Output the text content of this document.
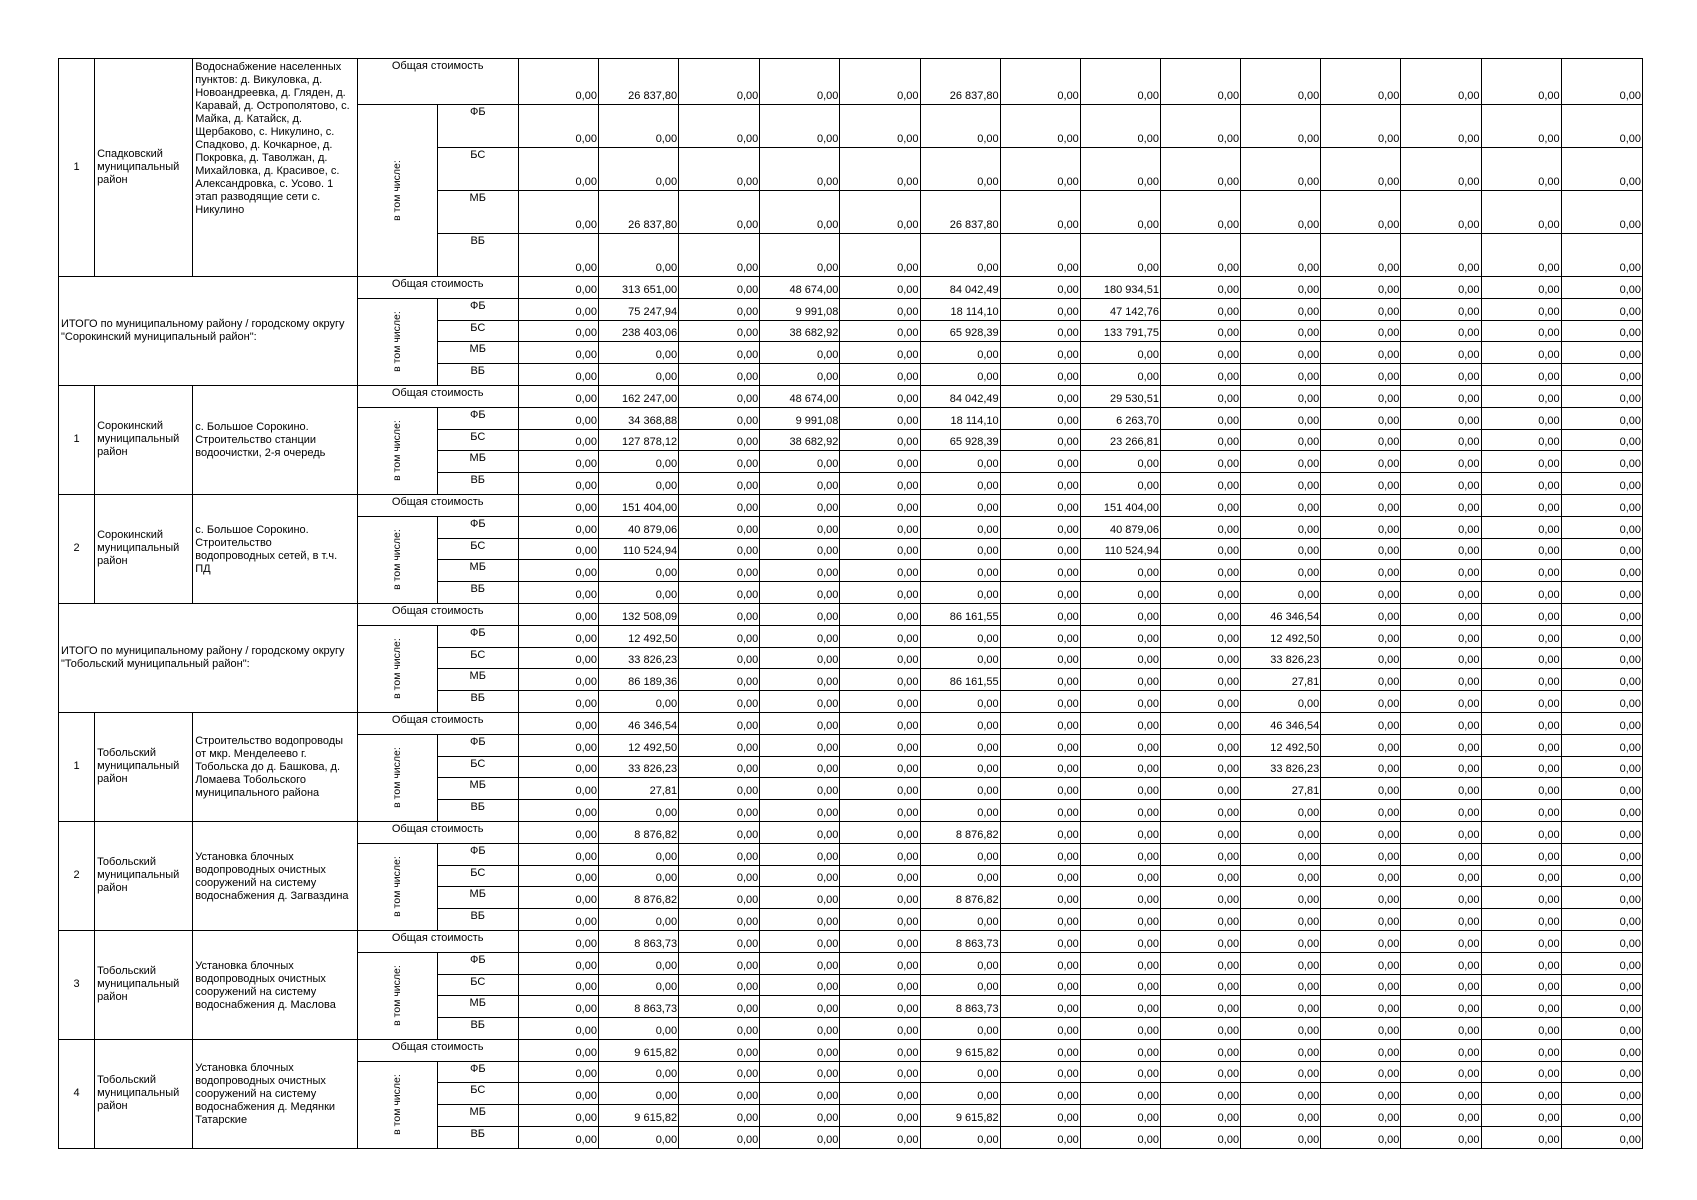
1	Спадковский муниципальный район	Водоснабжение населенных пунктов: д. Викуловка, д. Новоандреевка, д. Гляден, д. Каравай, д. Острополятово, с. Майка, д. Катайск, д. Щербаково, с. Никулино, с. Спадково, д. Кочкарное, д. Покровка, д. Таволжан, д. Михайловка, д. Красивое, с. Александровка, с. Усово. 1 этап разводящие сети с. Никулино	Общая стоимость		0,00	26 837,80	0,00	0,00	0,00	26 837,80	0,00	0,00	0,00	0,00	0,00	0,00	0,00	0,00
			в том числе:	ФБ	0,00	0,00	0,00	0,00	0,00	0,00	0,00	0,00	0,00	0,00	0,00	0,00	0,00	0,00
				БС	0,00	0,00	0,00	0,00	0,00	0,00	0,00	0,00	0,00	0,00	0,00	0,00	0,00	0,00
				МБ	0,00	26 837,80	0,00	0,00	0,00	26 837,80	0,00	0,00	0,00	0,00	0,00	0,00	0,00	0,00
				ВБ	0,00	0,00	0,00	0,00	0,00	0,00	0,00	0,00	0,00	0,00	0,00	0,00	0,00	0,00
ИТОГО по муниципальному району / городскому округу "Сорокинский муниципальный район":			Общая стоимость		0,00	313 651,00	0,00	48 674,00	0,00	84 042,49	0,00	180 934,51	0,00	0,00	0,00	0,00	0,00	0,00
			в том числе:	ФБ	0,00	75 247,94	0,00	9 991,08	0,00	18 114,10	0,00	47 142,76	0,00	0,00	0,00	0,00	0,00	0,00
				БС	0,00	238 403,06	0,00	38 682,92	0,00	65 928,39	0,00	133 791,75	0,00	0,00	0,00	0,00	0,00	0,00
				МБ	0,00	0,00	0,00	0,00	0,00	0,00	0,00	0,00	0,00	0,00	0,00	0,00	0,00	0,00
				ВБ	0,00	0,00	0,00	0,00	0,00	0,00	0,00	0,00	0,00	0,00	0,00	0,00	0,00	0,00
1	Сорокинский муниципальный район	с. Большое Сорокино. Строительство станции водоочистки, 2-я очередь	Общая стоимость		0,00	162 247,00	0,00	48 674,00	0,00	84 042,49	0,00	29 530,51	0,00	0,00	0,00	0,00	0,00	0,00
			в том числе:	ФБ	0,00	34 368,88	0,00	9 991,08	0,00	18 114,10	0,00	6 263,70	0,00	0,00	0,00	0,00	0,00	0,00
				БС	0,00	127 878,12	0,00	38 682,92	0,00	65 928,39	0,00	23 266,81	0,00	0,00	0,00	0,00	0,00	0,00
				МБ	0,00	0,00	0,00	0,00	0,00	0,00	0,00	0,00	0,00	0,00	0,00	0,00	0,00	0,00
				ВБ	0,00	0,00	0,00	0,00	0,00	0,00	0,00	0,00	0,00	0,00	0,00	0,00	0,00	0,00
2	Сорокинский муниципальный район	с. Большое Сорокино. Строительство водопроводных сетей, в т.ч. ПД	Общая стоимость		0,00	151 404,00	0,00	0,00	0,00	0,00	0,00	151 404,00	0,00	0,00	0,00	0,00	0,00	0,00
			в том числе:	ФБ	0,00	40 879,06	0,00	0,00	0,00	0,00	0,00	40 879,06	0,00	0,00	0,00	0,00	0,00	0,00
				БС	0,00	110 524,94	0,00	0,00	0,00	0,00	0,00	110 524,94	0,00	0,00	0,00	0,00	0,00	0,00
				МБ	0,00	0,00	0,00	0,00	0,00	0,00	0,00	0,00	0,00	0,00	0,00	0,00	0,00	0,00
				ВБ	0,00	0,00	0,00	0,00	0,00	0,00	0,00	0,00	0,00	0,00	0,00	0,00	0,00	0,00
ИТОГО по муниципальному району / городскому округу "Тобольский муниципальный район":			Общая стоимость		0,00	132 508,09	0,00	0,00	0,00	86 161,55	0,00	0,00	0,00	46 346,54	0,00	0,00	0,00	0,00
			в том числе:	ФБ	0,00	12 492,50	0,00	0,00	0,00	0,00	0,00	0,00	0,00	12 492,50	0,00	0,00	0,00	0,00
				БС	0,00	33 826,23	0,00	0,00	0,00	0,00	0,00	0,00	0,00	33 826,23	0,00	0,00	0,00	0,00
				МБ	0,00	86 189,36	0,00	0,00	0,00	86 161,55	0,00	0,00	0,00	27,81	0,00	0,00	0,00	0,00
				ВБ	0,00	0,00	0,00	0,00	0,00	0,00	0,00	0,00	0,00	0,00	0,00	0,00	0,00	0,00
1	Тобольский муниципальный район	Строительство водопроводы от мкр. Менделеево г. Тобольска до д. Башкова, д. Ломаева Тобольского муниципального района	Общая стоимость		0,00	46 346,54	0,00	0,00	0,00	0,00	0,00	0,00	0,00	46 346,54	0,00	0,00	0,00	0,00
			в том числе:	ФБ	0,00	12 492,50	0,00	0,00	0,00	0,00	0,00	0,00	0,00	12 492,50	0,00	0,00	0,00	0,00
				БС	0,00	33 826,23	0,00	0,00	0,00	0,00	0,00	0,00	0,00	33 826,23	0,00	0,00	0,00	0,00
				МБ	0,00	27,81	0,00	0,00	0,00	0,00	0,00	0,00	0,00	27,81	0,00	0,00	0,00	0,00
				ВБ	0,00	0,00	0,00	0,00	0,00	0,00	0,00	0,00	0,00	0,00	0,00	0,00	0,00	0,00
2	Тобольский муниципальный район	Установка блочных водопроводных очистных сооружений на систему водоснабжения д. Загваздина	Общая стоимость		0,00	8 876,82	0,00	0,00	0,00	8 876,82	0,00	0,00	0,00	0,00	0,00	0,00	0,00	0,00
			в том числе:	ФБ	0,00	0,00	0,00	0,00	0,00	0,00	0,00	0,00	0,00	0,00	0,00	0,00	0,00	0,00
				БС	0,00	0,00	0,00	0,00	0,00	0,00	0,00	0,00	0,00	0,00	0,00	0,00	0,00	0,00
				МБ	0,00	8 876,82	0,00	0,00	0,00	8 876,82	0,00	0,00	0,00	0,00	0,00	0,00	0,00	0,00
				ВБ	0,00	0,00	0,00	0,00	0,00	0,00	0,00	0,00	0,00	0,00	0,00	0,00	0,00	0,00
3	Тобольский муниципальный район	Установка блочных водопроводных очистных сооружений на систему водоснабжения д. Маслова	Общая стоимость		0,00	8 863,73	0,00	0,00	0,00	8 863,73	0,00	0,00	0,00	0,00	0,00	0,00	0,00	0,00
			в том числе:	ФБ	0,00	0,00	0,00	0,00	0,00	0,00	0,00	0,00	0,00	0,00	0,00	0,00	0,00	0,00
				БС	0,00	0,00	0,00	0,00	0,00	0,00	0,00	0,00	0,00	0,00	0,00	0,00	0,00	0,00
				МБ	0,00	8 863,73	0,00	0,00	0,00	8 863,73	0,00	0,00	0,00	0,00	0,00	0,00	0,00	0,00
				ВБ	0,00	0,00	0,00	0,00	0,00	0,00	0,00	0,00	0,00	0,00	0,00	0,00	0,00	0,00
4	Тобольский муниципальный район	Установка блочных водопроводных очистных сооружений на систему водоснабжения д. Медянки Татарские	Общая стоимость		0,00	9 615,82	0,00	0,00	0,00	9 615,82	0,00	0,00	0,00	0,00	0,00	0,00	0,00	0,00
			в том числе:	ФБ	0,00	0,00	0,00	0,00	0,00	0,00	0,00	0,00	0,00	0,00	0,00	0,00	0,00	0,00
				БС	0,00	0,00	0,00	0,00	0,00	0,00	0,00	0,00	0,00	0,00	0,00	0,00	0,00	0,00
				МБ	0,00	9 615,82	0,00	0,00	0,00	9 615,82	0,00	0,00	0,00	0,00	0,00	0,00	0,00	0,00
				ВБ	0,00	0,00	0,00	0,00	0,00	0,00	0,00	0,00	0,00	0,00	0,00	0,00	0,00	0,00
